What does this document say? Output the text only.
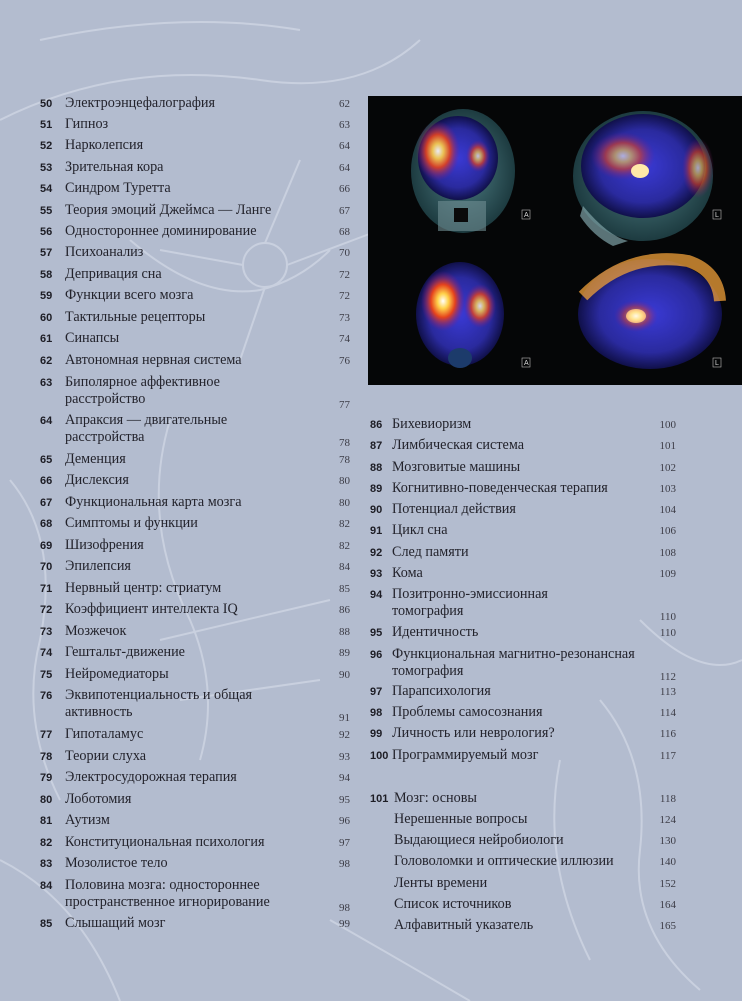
50 Электроэнцефалография	62
51 Гипноз	63
52 Нарколепсия	64
53 Зрительная кора	64
54 Синдром Туретта	66
55 Теория эмоций Джеймса — Ланге	67
56 Одностороннее доминирование	68
57 Психоанализ	70
58 Депривация сна	72
59 Функции всего мозга	72
60 Тактильные рецепторы	73
61 Синапсы	74
62 Автономная нервная система	76
63 Биполярное аффективное
расстройство	77
64 Апраксия — двигательные
расстройства	78
65 Деменция	78
66 Дислексия	80
67 Функциональная карта мозга	80
68 Симптомы и функции	82
69 Шизофрения	82
70 Эпилепсия	84
71 Нервный центр: стриатум	85
72 Коэффициент интеллекта IQ	86
73 Мозжечок	88
74 Гештальт-движение	89
75 Нейромедиаторы	90
76 Эквипотенциальность и общая
активность	91
77 Гипоталамус	92
78 Теории слуха	93
79 Электросудорожная терапия	94
80 Лоботомия	95
81 Аутизм	96
82 Конституциональная психология	97
83 Мозолистое тело	98
84 Половина мозга: одностороннее
пространственное игнорирование	98
85 Слышащий мозг	99
A	L
A	L
86 Бихевиоризм	100
87 Лимбическая система	101
88 Мозговитые машины	102
89 Когнитивно-поведенческая терапия	103
90 Потенциал действия	104
91 Цикл сна	106
92 След памяти	108
93 Кома	109
94 Позитронно-эмиссионная
томография	110
95 Идентичность	110
96 Функциональная магнитно-резонансная
томография	112
97 Парапсихология	113
98 Проблемы самосознания	114
99 Личность или неврология?	116
100 Программируемый мозг	117
101 Мозг: основы	118
Нерешенные вопросы	124
Выдающиеся нейробиологи	130
Головоломки и оптические иллюзии	140
Ленты времени	152
Список источников	164
Алфавитный указатель	165
